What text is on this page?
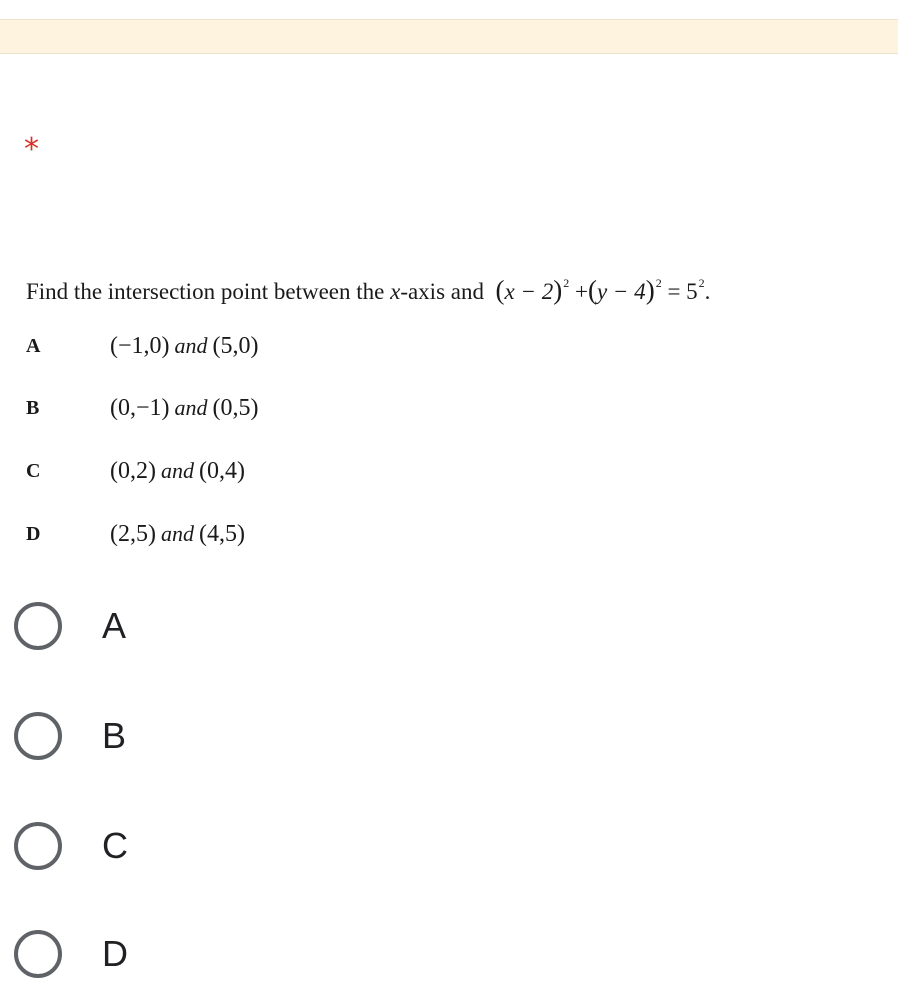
*
Find the intersection point between the x-axis and $(x - 2)^2 +(y - 4)^2 = 5^2$.
A	(−1,0) and (5,0)
B	(0,−1) and (0,5)
C	(0,2) and (0,4)
D	(2,5) and (4,5)
A
B
C
D
